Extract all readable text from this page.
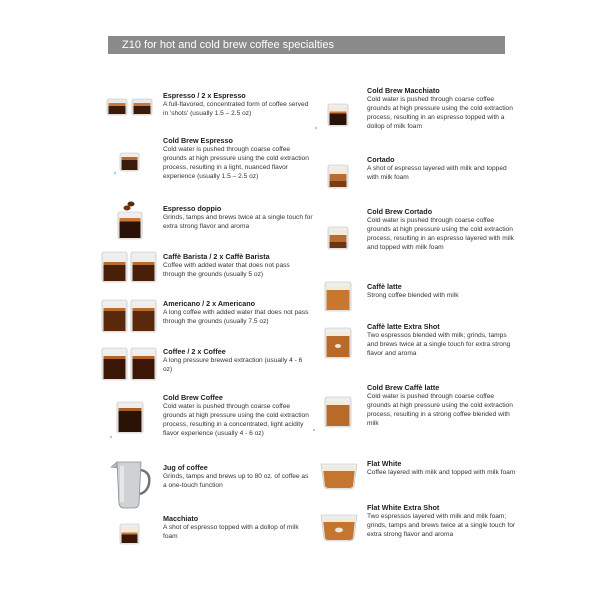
Z10 for hot and cold brew coffee specialties
Espresso / 2 x Espresso
A full-flavored, concentrated form of coffee served in 'shots' (usually 1.5 – 2.5 oz)
Cold Brew Espresso
Cold water is pushed through coarse coffee grounds at high pressure using the cold extraction process, resulting in a light, nuanced flavor experience (usually 1.5 – 2.5 oz)
Espresso doppio
Grinds, tamps and brews twice at a single touch for extra strong flavor and aroma
Caffè Barista / 2 x Caffè Barista
Coffee with added water that does not pass through the grounds (usually 5 oz)
Americano / 2 x Americano
A long coffee with added water that does not pass through the grounds (usually 7.5 oz)
Coffee / 2 x Coffee
A long pressure brewed extraction (usually 4 - 6 oz)
Cold Brew Coffee
Cold water is pushed through coarse coffee grounds at high pressure using the cold extraction process, resulting in a concentrated, light acidity flavor experience (usually 4 - 6 oz)
Jug of coffee
Grinds, tamps and brews up to 80 oz. of coffee as a one-touch function
Macchiato
A shot of espresso topped with a dollop of milk foam
Cold Brew Macchiato
Cold water is pushed through coarse coffee grounds at high pressure using the cold extraction process, resulting in an espresso topped with a dollop of milk foam
Cortado
A shot of espresso layered with milk and topped with milk foam
Cold Brew Cortado
Cold water is pushed through coarse coffee grounds at high pressure using the cold extraction process, resulting in an espresso layered with milk and topped with milk foam
Caffè latte
Strong coffee blended with milk
Caffè latte Extra Shot
Two espressos blended with milk; grinds, tamps and brews twice at a single touch for extra strong flavor and aroma
Cold Brew Caffè latte
Cold water is pushed through coarse coffee grounds at high pressure using the cold extraction process, resulting in a strong coffee blended with milk
Flat White
Coffee layered with milk and topped with milk foam
Flat White Extra Shot
Two espressos layered with milk and milk foam; grinds, tamps and brews twice at a single touch for extra strong flavor and aroma
